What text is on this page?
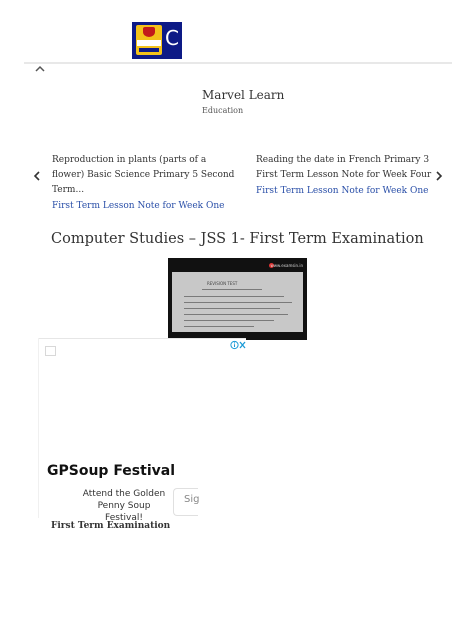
C
Marvel Learn
Education
Reproduction in plants (parts of a flower) Basic Science Primary 5 Second Term...
First Term Lesson Note for Week One
Reading the date in French Primary 3 First Term Lesson Note for Week Four
First Term Lesson Note for Week One
Computer Studies – JSS 1- First Term Examination
www.examsin.in
REVISION TEST
GPSoup Festival
Attend the Golden Penny Soup Festival!
Sig
First Term Examination
